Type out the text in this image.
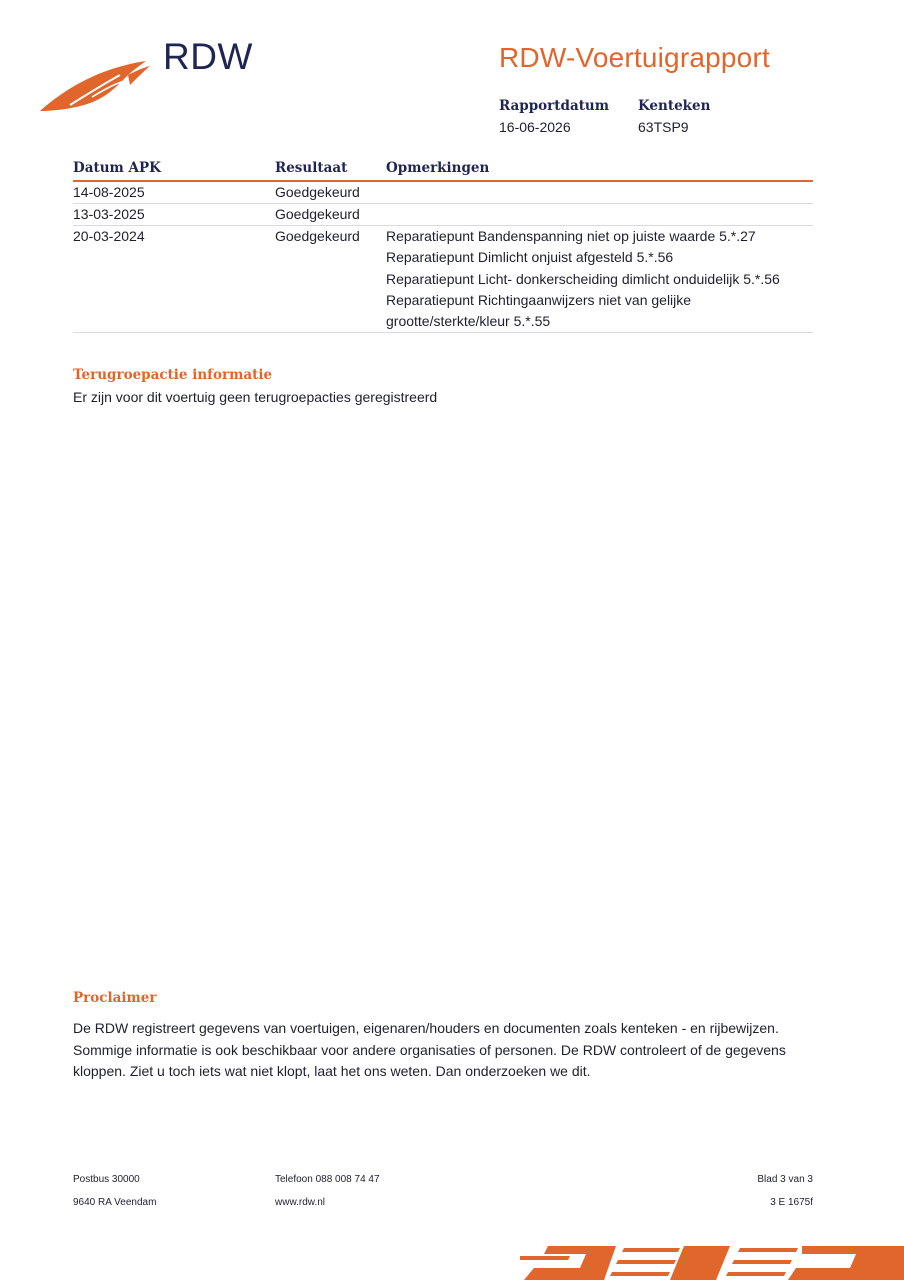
RDW	RDW-Voertuigrapport
Rapportdatum
16-06-2026
Kenteken
63TSP9
Datum APK	Resultaat	Opmerkingen
14-08-2025	Goedgekeurd
13-03-2025	Goedgekeurd
20-03-2024	Goedgekeurd Reparatiepunt Bandenspanning niet op juiste waarde 5.*.27
Reparatiepunt Dimlicht onjuist afgesteld 5.*.56
Reparatiepunt Licht- donkerscheiding dimlicht onduidelijk 5.*.56
Reparatiepunt Richtingaanwijzers niet van gelijke
grootte/sterkte/kleur 5.*.55
Terugroepactie informatie
Er zijn voor dit voertuig geen terugroepacties geregistreerd
Proclaimer
De RDW registreert gegevens van voertuigen, eigenaren/houders en documenten zoals kenteken - en rijbewijzen. Sommige informatie is ook beschikbaar voor andere organisaties of personen. De RDW controleert of de gegevens kloppen. Ziet u toch iets wat niet klopt, laat het ons weten. Dan onderzoeken we dit.
Postbus 30000
9640 RA Veendam
Telefoon 088 008 74 47
www.rdw.nl
Blad 3 van 3
3 E 1675f
